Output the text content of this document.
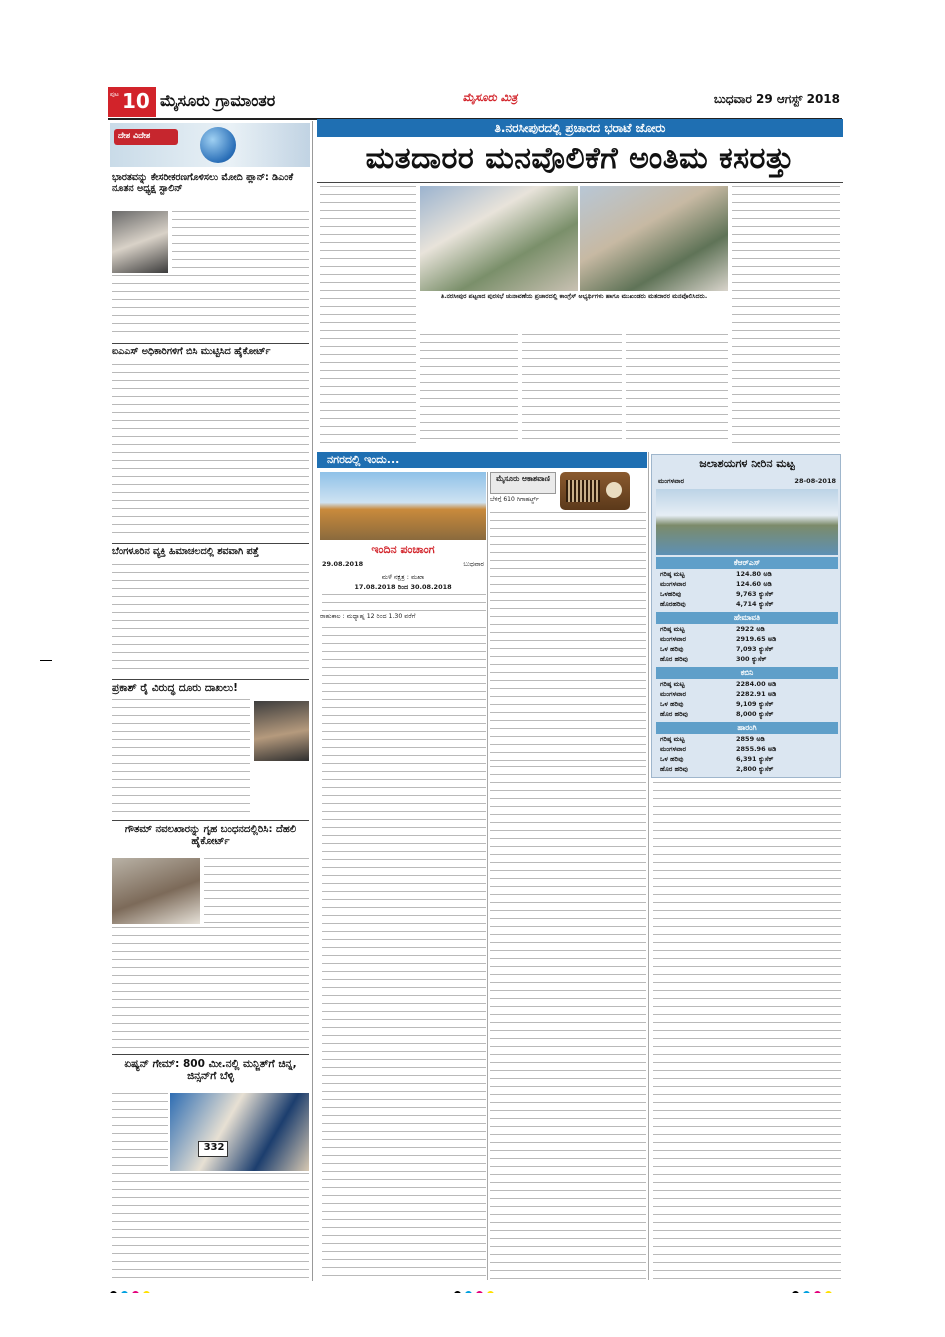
ಪುಟ 10 ಮೈಸೂರು ಗ್ರಾಮಾಂತರ	ಮೈಸೂರು ಮಿತ್ರ	ಬುಧವಾರ 29 ಆಗಸ್ಟ್ 2018
ದೇಶ ವಿದೇಶ
ಭಾರತವನ್ನು ಕೇಸರೀಕರಣಗೊಳಿಸಲು ಮೋದಿ ಪ್ಲಾನ್: ಡಿಎಂಕೆ ನೂತನ ಅಧ್ಯಕ್ಷ ಸ್ಟಾಲಿನ್
ಐಎಎಸ್ ಅಧಿಕಾರಿಗಳಿಗೆ ಬಿಸಿ ಮುಟ್ಟಿಸಿದ ಹೈಕೋರ್ಟ್
ಬೆಂಗಳೂರಿನ ವ್ಯಕ್ತಿ ಹಿಮಾಚಲದಲ್ಲಿ ಶವವಾಗಿ ಪತ್ತೆ
ಪ್ರಕಾಶ್ ರೈ ವಿರುದ್ಧ ದೂರು ದಾಖಲು!
ಗೌತಮ್ ನವಲಖಾರನ್ನು ಗೃಹ ಬಂಧನದಲ್ಲಿರಿಸಿ: ದೆಹಲಿ ಹೈಕೋರ್ಟ್
ಏಷ್ಯನ್ ಗೇಮ್: 800 ಮೀ.ನಲ್ಲಿ ಮನ್ಜಿತ್‌ಗೆ ಚಿನ್ನ, ಜಿನ್ಸನ್‌ಗೆ ಬೆಳ್ಳಿ
332
ತಿ.ನರಸೀಪುರದಲ್ಲಿ ಪ್ರಚಾರದ ಭರಾಟೆ ಜೋರು
ಮತದಾರರ ಮನವೊಲಿಕೆಗೆ ಅಂತಿಮ ಕಸರತ್ತು
ತಿ.ನರಸೀಪುರ ಪಟ್ಟಣದ ಪುರಸಭೆ ಚುನಾವಣೆಯ ಪ್ರಚಾರದಲ್ಲಿ ಕಾಂಗ್ರೆಸ್ ಅಭ್ಯರ್ಥಿಗಳು ಹಾಗೂ ಮುಖಂಡರು ಮತದಾರರ ಮನವೊಲಿಸಿದರು.
ನಗರದಲ್ಲಿ ಇಂದು...
ಇಂದಿನ ಪಂಚಾಂಗ
29.08.2018	ಬುಧವಾರ
ಮಳೆ ನಕ್ಷತ್ರ : ಮಖಾ
17.08.2018 ರಿಂದ 30.08.2018
ರಾಹುಕಾಲ : ಮಧ್ಯಾಹ್ನ 12 ರಿಂದ 1.30 ವರೆಗೆ
ಮೈಸೂರು ಆಕಾಶವಾಣಿ
ಬೆಳಿಗ್ಗೆ 610 ಗಿಗಾಹರ್ಟ್ಜ್
ಜಲಾಶಯಗಳ ನೀರಿನ ಮಟ್ಟ
ಮಂಗಳವಾರ	28-08-2018
ಕೆಆರ್‌ಎಸ್
ಗರಿಷ್ಠ ಮಟ್ಟ	124.80 ಅಡಿ
ಮಂಗಳವಾರ	124.60 ಅಡಿ
ಒಳಹರಿವು	9,763 ಕ್ಯುಸೆಕ್
ಹೊರಹರಿವು	4,714 ಕ್ಯುಸೆಕ್
ಹೇಮಾವತಿ
ಗರಿಷ್ಠ ಮಟ್ಟ	2922 ಅಡಿ
ಮಂಗಳವಾರ	2919.65 ಅಡಿ
ಒಳ ಹರಿವು	7,093 ಕ್ಯುಸೆಕ್
ಹೊರ ಹರಿವು	300 ಕ್ಯುಸೆಕ್
ಕಬಿನಿ
ಗರಿಷ್ಠ ಮಟ್ಟ	2284.00 ಅಡಿ
ಮಂಗಳವಾರ	2282.91 ಅಡಿ
ಒಳ ಹರಿವು	9,109 ಕ್ಯುಸೆಕ್
ಹೊರ ಹರಿವು	8,000 ಕ್ಯುಸೆಕ್
ಹಾರಂಗಿ
ಗರಿಷ್ಠ ಮಟ್ಟ	2859 ಅಡಿ
ಮಂಗಳವಾರ	2855.96 ಅಡಿ
ಒಳ ಹರಿವು	6,391 ಕ್ಯುಸೆಕ್
ಹೊರ ಹರಿವು	2,800 ಕ್ಯುಸೆಕ್
